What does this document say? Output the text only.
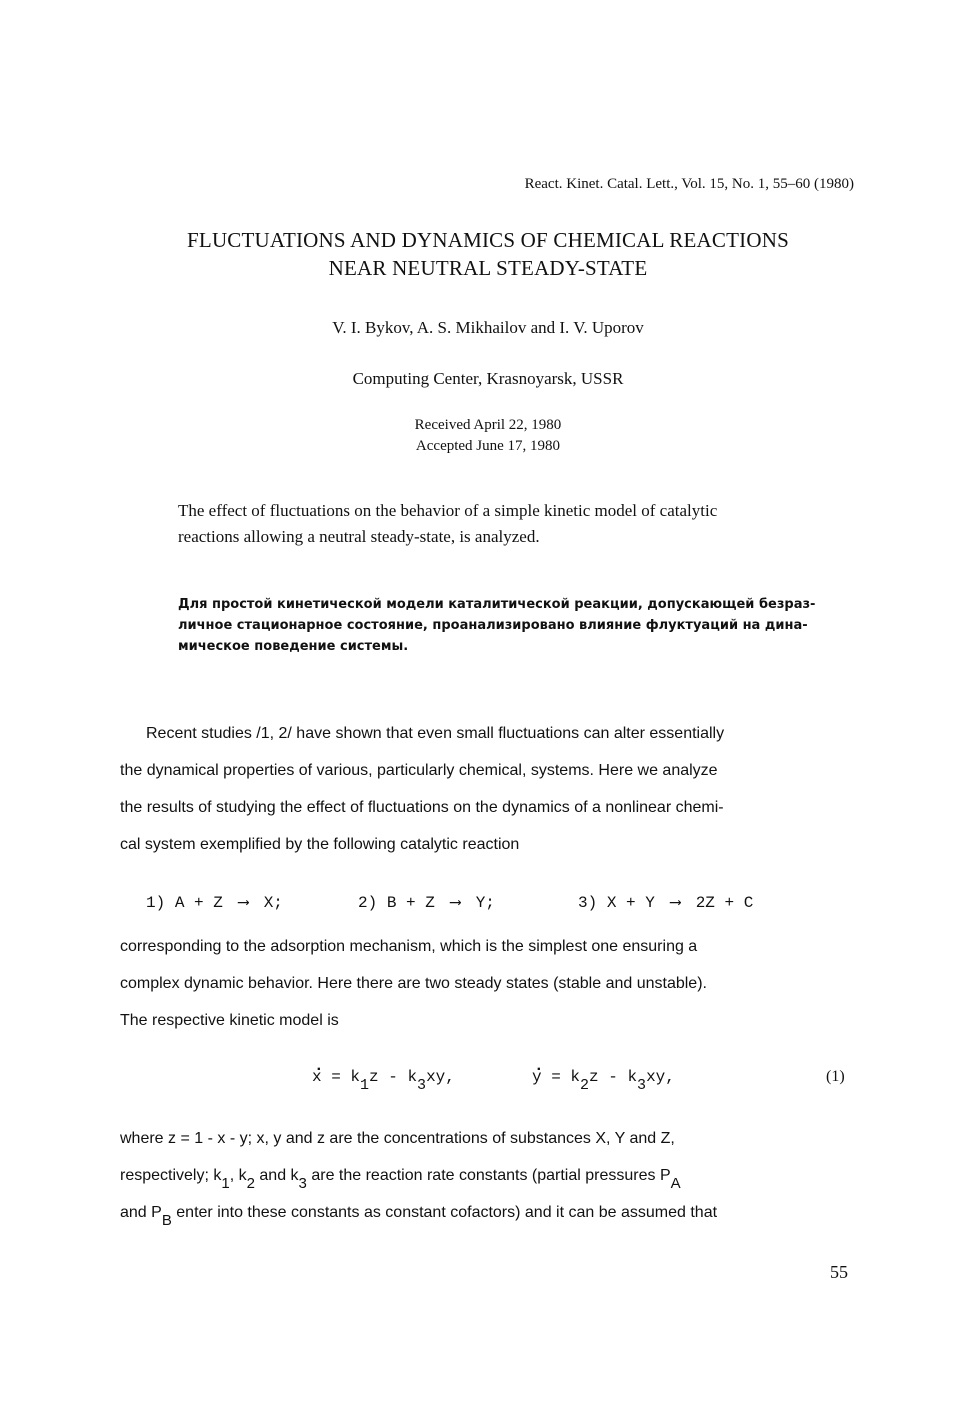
React. Kinet. Catal. Lett., Vol. 15, No. 1, 55–60 (1980)
FLUCTUATIONS AND DYNAMICS OF CHEMICAL REACTIONS
NEAR NEUTRAL STEADY-STATE
V. I. Bykov, A. S. Mikhailov and I. V. Uporov
Computing Center, Krasnoyarsk, USSR
Received April 22, 1980
Accepted June 17, 1980
The effect of fluctuations on the behavior of a simple kinetic model of catalytic
reactions allowing a neutral steady-state, is analyzed.
Для простой кинетической модели каталитической реакции, допускающей безраз-
личное стационарное состояние, проанализировано влияние флуктуаций на дина-
мическое поведение системы.
Recent studies /1, 2/ have shown that even small fluctuations can alter essentially
the dynamical properties of various, particularly chemical, systems. Here we analyze
the results of studying the effect of fluctuations on the dynamics of a nonlinear chemi-
cal system exemplified by the following catalytic reaction
1) A + Z ⟶ X;	2) B + Z ⟶ Y;	3) X + Y ⟶ 2Z + C
corresponding to the adsorption mechanism, which is the simplest one ensuring a
complex dynamic behavior. Here there are two steady states (stable and unstable).
The respective kinetic model is
. $x = k_1z - k_3xy$,
.	$y = k_2z - k_3xy$,	(1)
where z = 1 - x - y; x, y and z are the concentrations of substances X, Y and Z,
respectively; $k_1$, $k_2$ and $k_3$ are the reaction rate constants (partial pressures $P_A$
and $P_B$ enter into these constants as constant cofactors) and it can be assumed that
55
